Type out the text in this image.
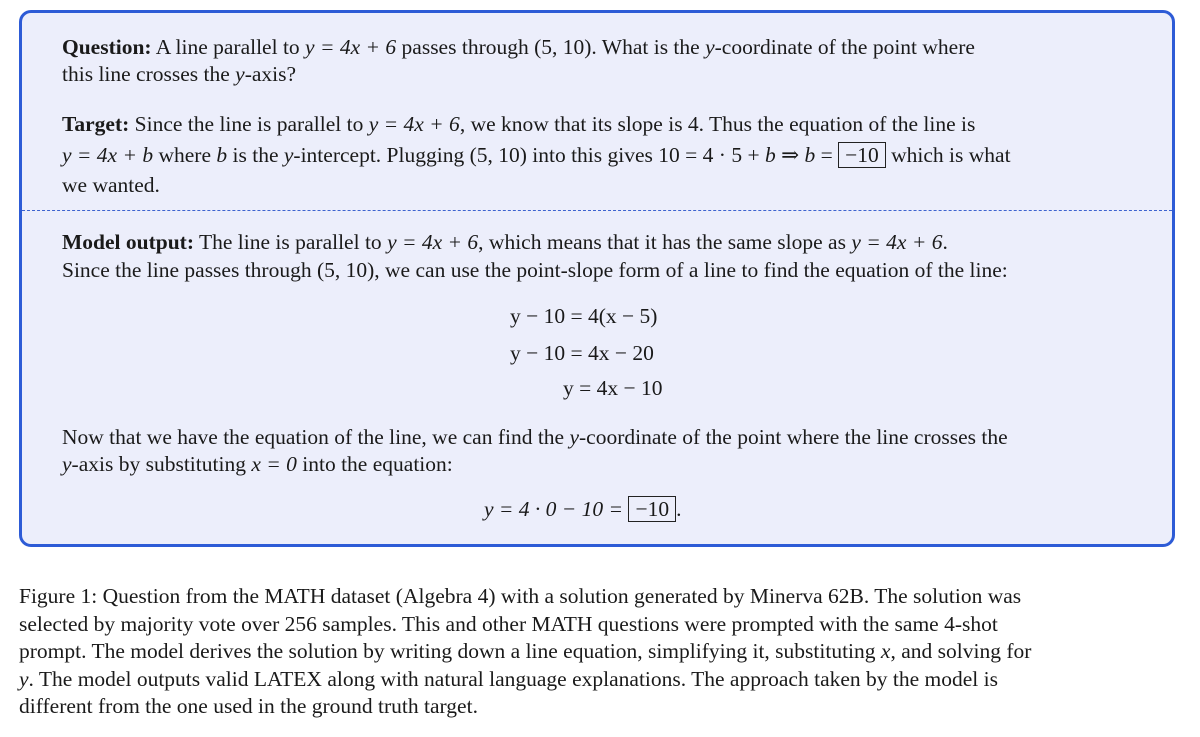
Question: A line parallel to y = 4x + 6 passes through (5, 10). What is the y-coordinate of the point where
this line crosses the y-axis?
Target: Since the line is parallel to y = 4x + 6, we know that its slope is 4. Thus the equation of the line is
y = 4x + b where b is the y-intercept. Plugging (5, 10) into this gives 10 = 4 · 5 + b ⇒ b = −10 which is what
we wanted.
Model output: The line is parallel to y = 4x + 6, which means that it has the same slope as y = 4x + 6.
Since the line passes through (5, 10), we can use the point-slope form of a line to find the equation of the line:
y − 10 = 4(x − 5)
y − 10 = 4x − 20
y = 4x − 10
Now that we have the equation of the line, we can find the y-coordinate of the point where the line crosses the
y-axis by substituting x = 0 into the equation:
y = 4 · 0 − 10 = −10 .
Figure 1: Question from the MATH dataset (Algebra 4) with a solution generated by Minerva 62B. The solution was
selected by majority vote over 256 samples. This and other MATH questions were prompted with the same 4-shot
prompt. The model derives the solution by writing down a line equation, simplifying it, substituting x, and solving for
y. The model outputs valid LATEX along with natural language explanations. The approach taken by the model is
different from the one used in the ground truth target.
